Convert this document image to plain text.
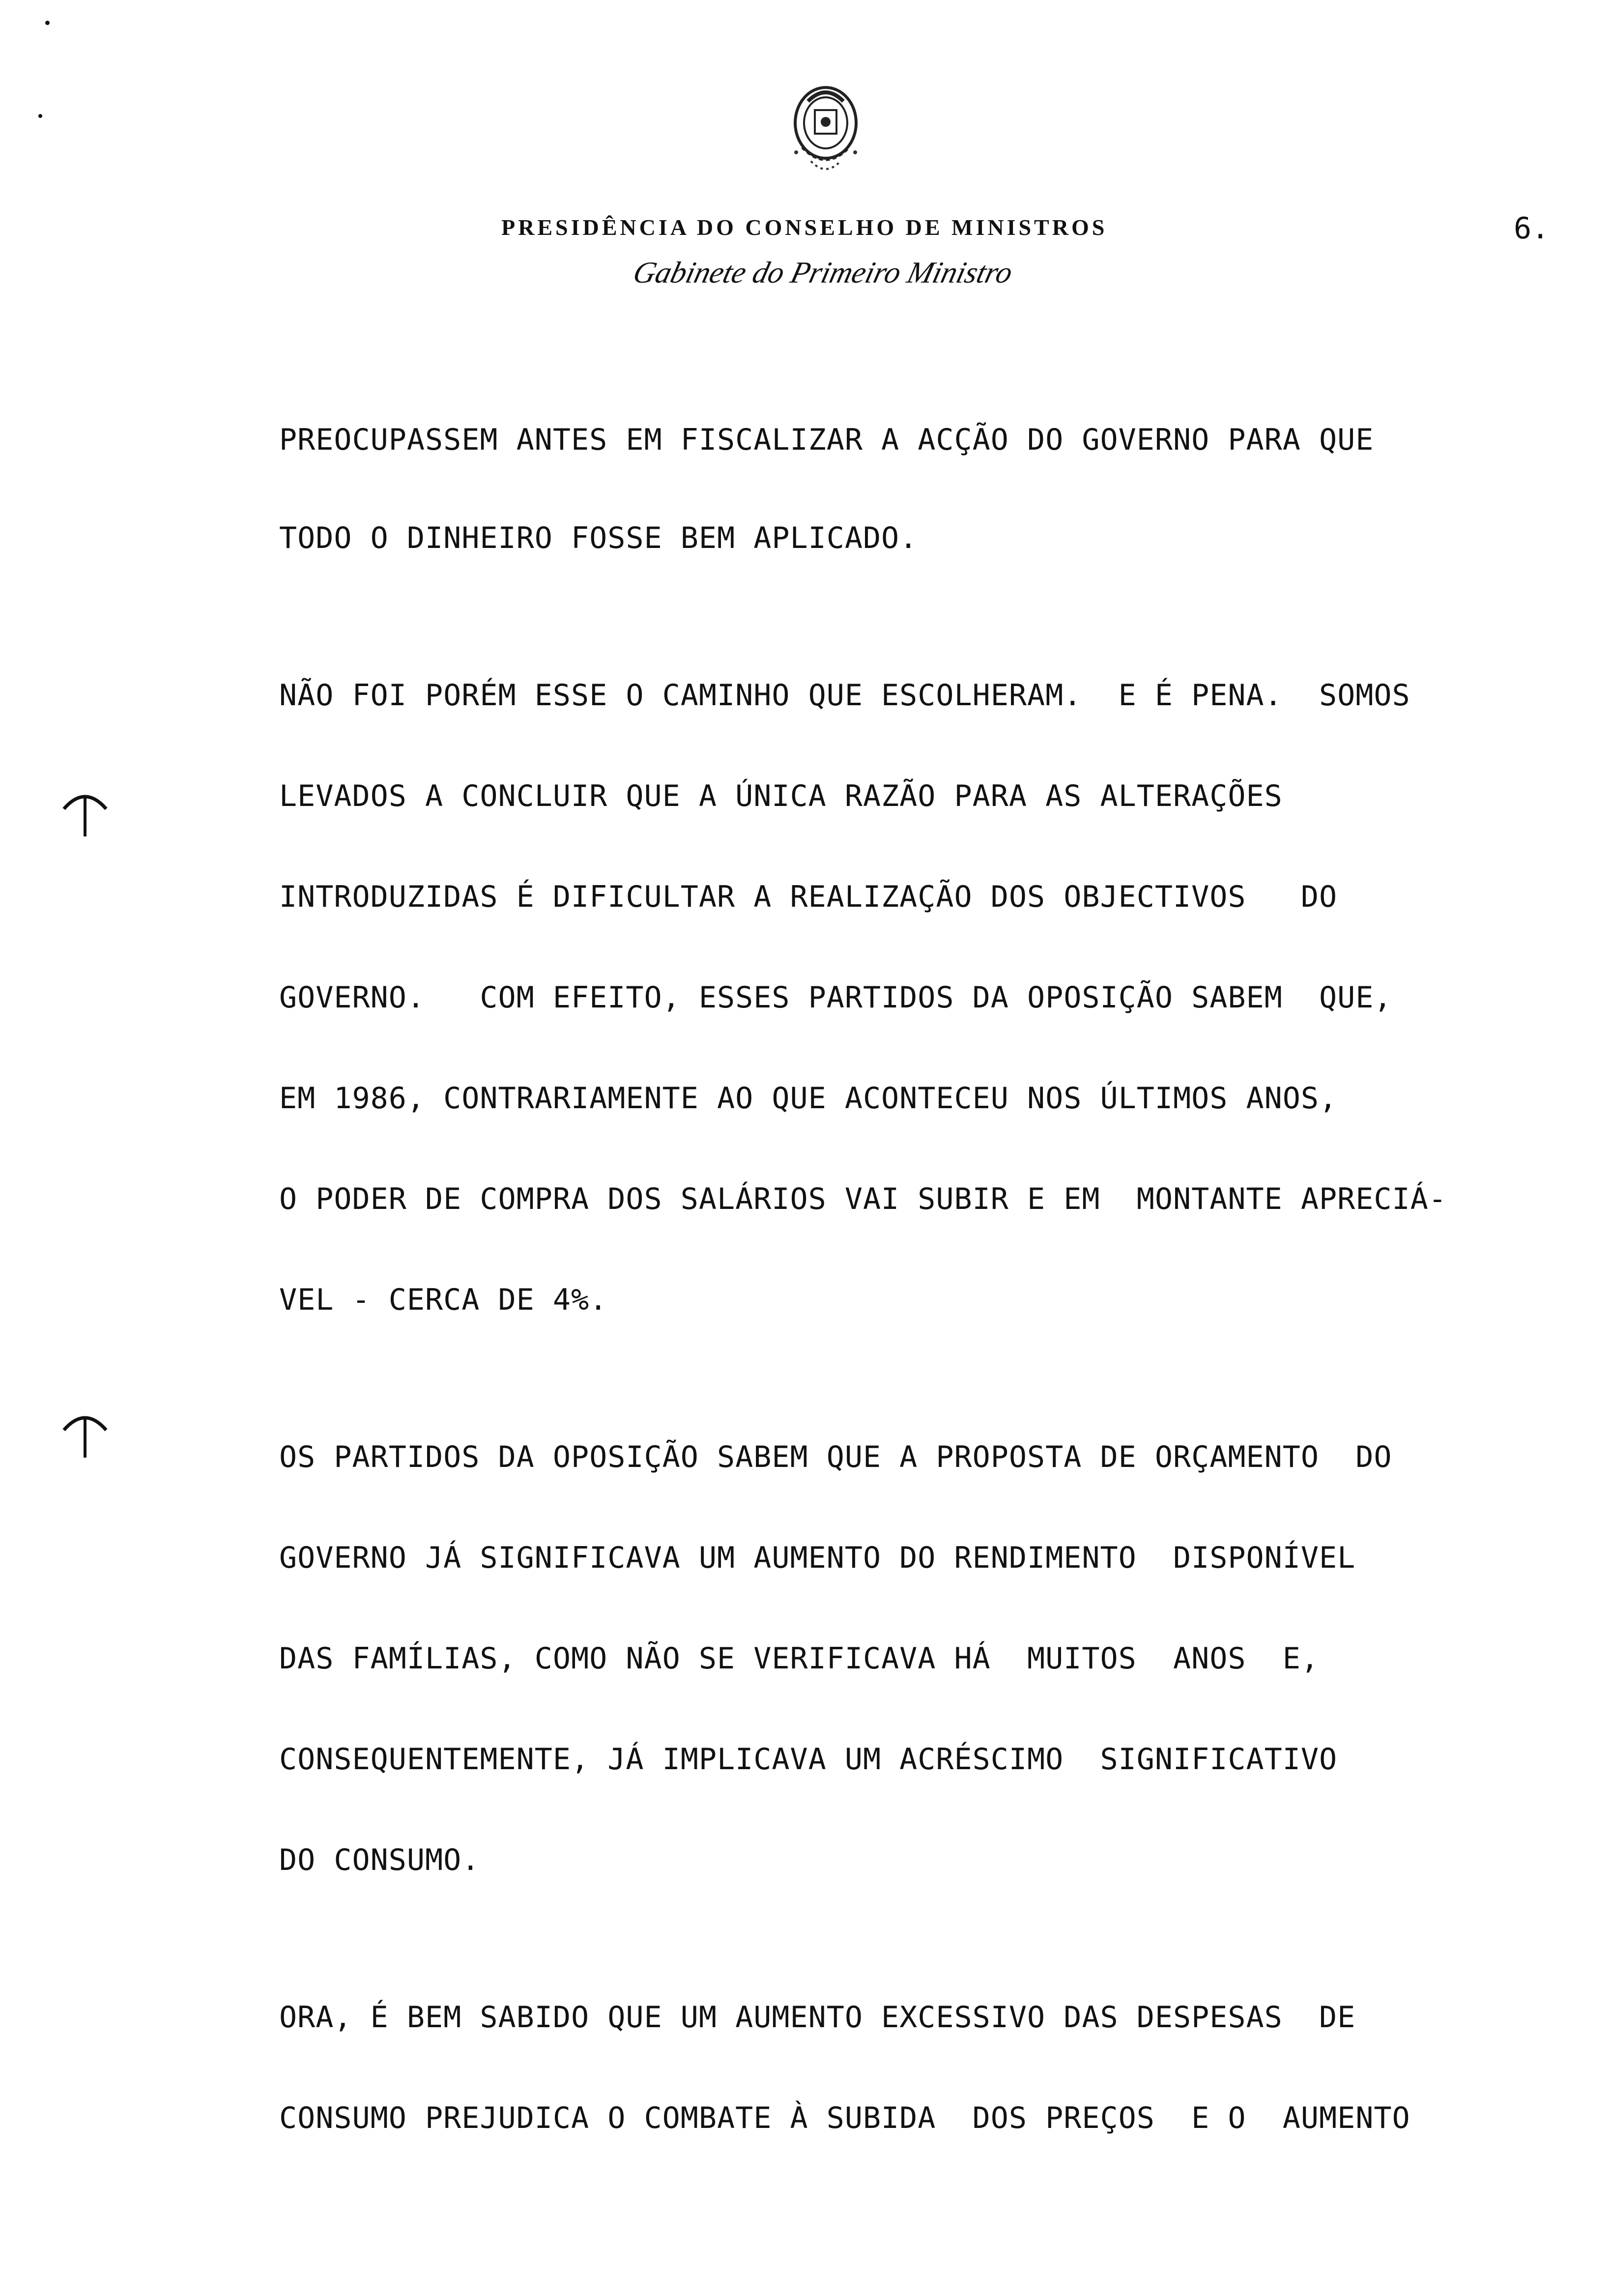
PRESIDÊNCIA DO CONSELHO DE MINISTROS
Gabinete do Primeiro Ministro
6.
PREOCUPASSEM ANTES EM FISCALIZAR A ACÇÃO DO GOVERNO PARA QUE
TODO O DINHEIRO FOSSE BEM APLICADO.
NÃO FOI PORÉM ESSE O CAMINHO QUE ESCOLHERAM.  E É PENA.  SOMOS
LEVADOS A CONCLUIR QUE A ÚNICA RAZÃO PARA AS ALTERAÇÕES
INTRODUZIDAS É DIFICULTAR A REALIZAÇÃO DOS OBJECTIVOS   DO
GOVERNO.   COM EFEITO, ESSES PARTIDOS DA OPOSIÇÃO SABEM  QUE,
EM 1986, CONTRARIAMENTE AO QUE ACONTECEU NOS ÚLTIMOS ANOS,
O PODER DE COMPRA DOS SALÁRIOS VAI SUBIR E EM  MONTANTE APRECIÁ-
VEL - CERCA DE 4%.
OS PARTIDOS DA OPOSIÇÃO SABEM QUE A PROPOSTA DE ORÇAMENTO  DO
GOVERNO JÁ SIGNIFICAVA UM AUMENTO DO RENDIMENTO  DISPONÍVEL
DAS FAMÍLIAS, COMO NÃO SE VERIFICAVA HÁ  MUITOS  ANOS  E,
CONSEQUENTEMENTE, JÁ IMPLICAVA UM ACRÉSCIMO  SIGNIFICATIVO
DO CONSUMO.
ORA, É BEM SABIDO QUE UM AUMENTO EXCESSIVO DAS DESPESAS  DE
CONSUMO PREJUDICA O COMBATE À SUBIDA  DOS PREÇOS  E O  AUMENTO
